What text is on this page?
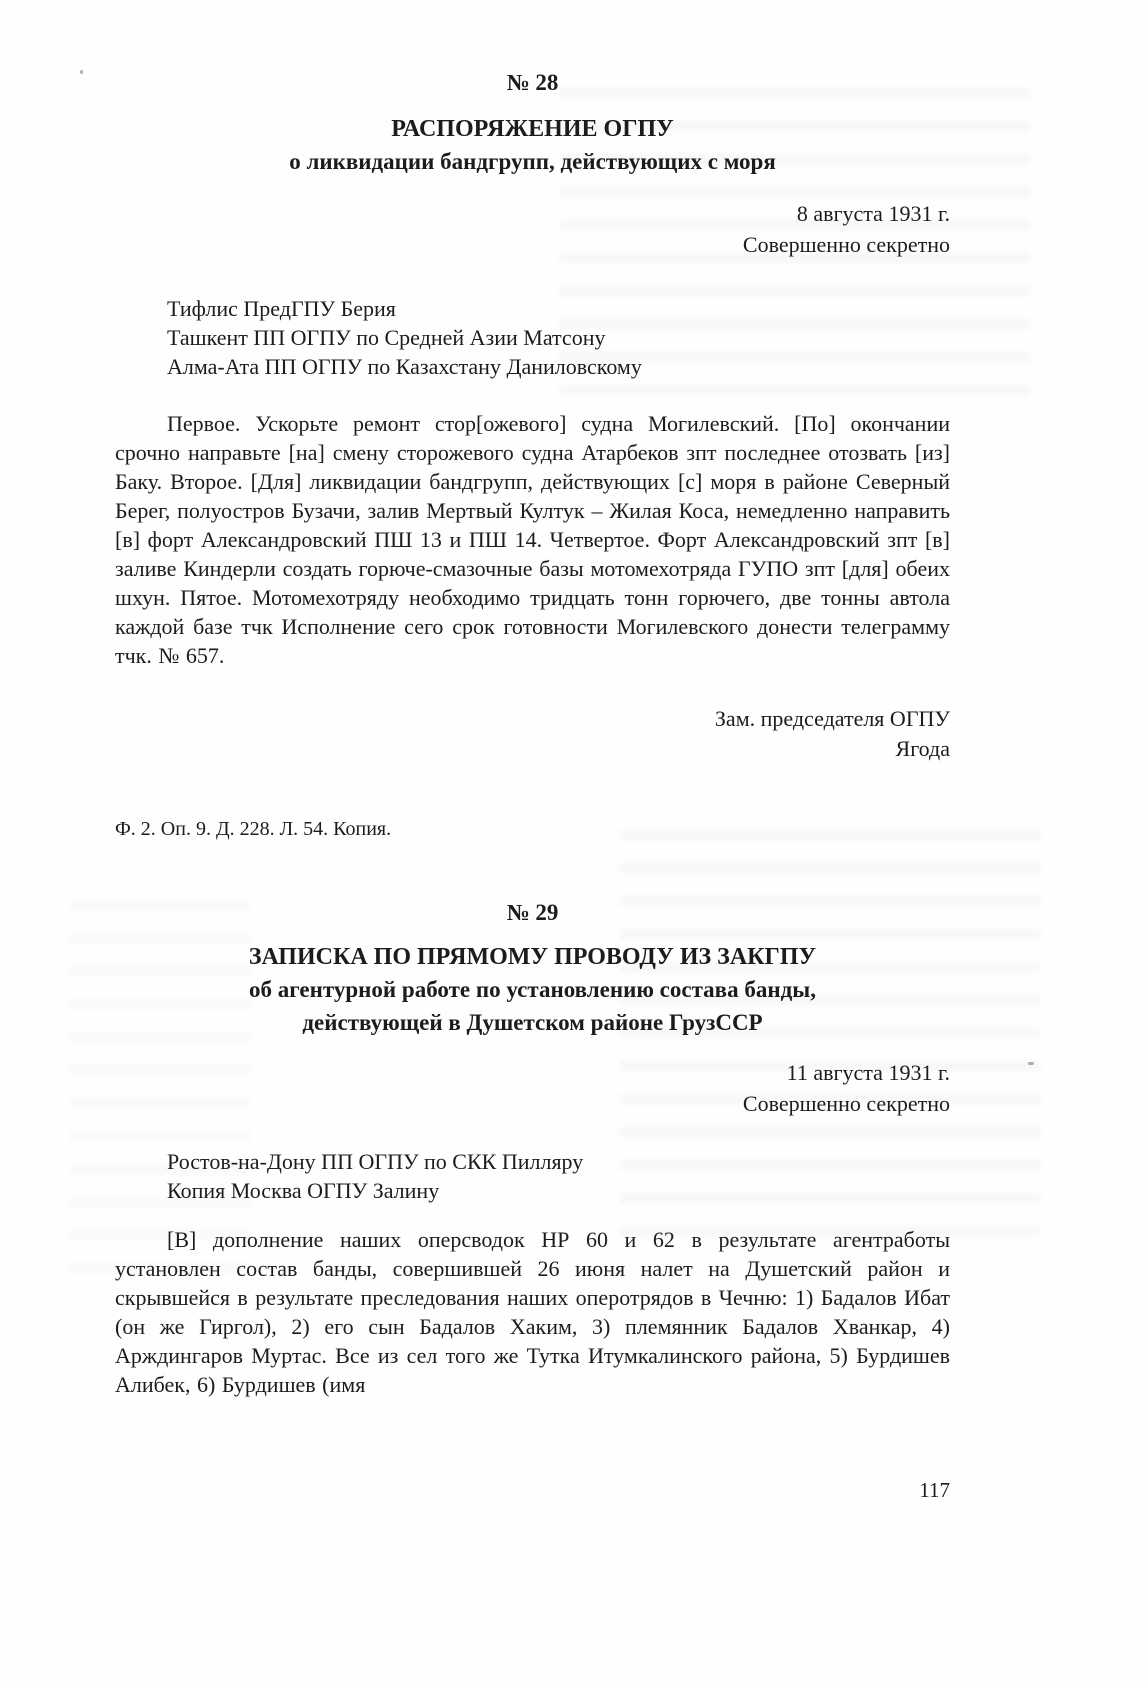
№ 28
РАСПОРЯЖЕНИЕ ОГПУ
о ликвидации бандгрупп, действующих с моря
8 августа 1931 г.
Совершенно секретно
Тифлис ПредГПУ Берия
Ташкент ПП ОГПУ по Средней Азии Матсону
Алма-Ата ПП ОГПУ по Казахстану Даниловскому

Первое. Ускорьте ремонт стор[ожевого] судна Могилевский. [По] окончании срочно направьте [на] смену сторожевого судна Атарбеков зпт последнее отозвать [из] Баку. Второе. [Для] ликвидации бандгрупп, действующих [с] моря в районе Северный Берег, полуостров Бузачи, залив Мертвый Култук – Жилая Коса, немедленно направить [в] форт Александровский ПШ 13 и ПШ 14. Четвертое. Форт Александровский зпт [в] заливе Киндерли создать горюче-смазочные базы мотомехотряда ГУПО зпт [для] обеих шхун. Пятое. Мотомехотряду необходимо тридцать тонн горючего, две тонны автола каждой базе тчк Исполнение сего срок готовности Могилевского донести телеграмму тчк. № 657.

Зам. председателя ОГПУ
Ягода
Ф. 2. Оп. 9. Д. 228. Л. 54. Копия.
№ 29
ЗАПИСКА ПО ПРЯМОМУ ПРОВОДУ ИЗ ЗАКГПУ
об агентурной работе по установлению состава банды,
действующей в Душетском районе ГрузССР
11 августа 1931 г.
Совершенно секретно
Ростов-на-Дону ПП ОГПУ по СКК Пилляру
Копия Москва ОГПУ Залину

[В] дополнение наших оперсводок НР 60 и 62 в результате агентработы установлен состав банды, совершившей 26 июня налет на Душетский район и скрывшейся в результате преследования наших оперотрядов в Чечню: 1) Бадалов Ибат (он же Гиргол), 2) его сын Бадалов Хаким, 3) племянник Бадалов Хванкар, 4) Арждингаров Муртас. Все из сел того же Тутка Итумкалинского района, 5) Бурдишев Алибек, 6) Бурдишев (имя

117
